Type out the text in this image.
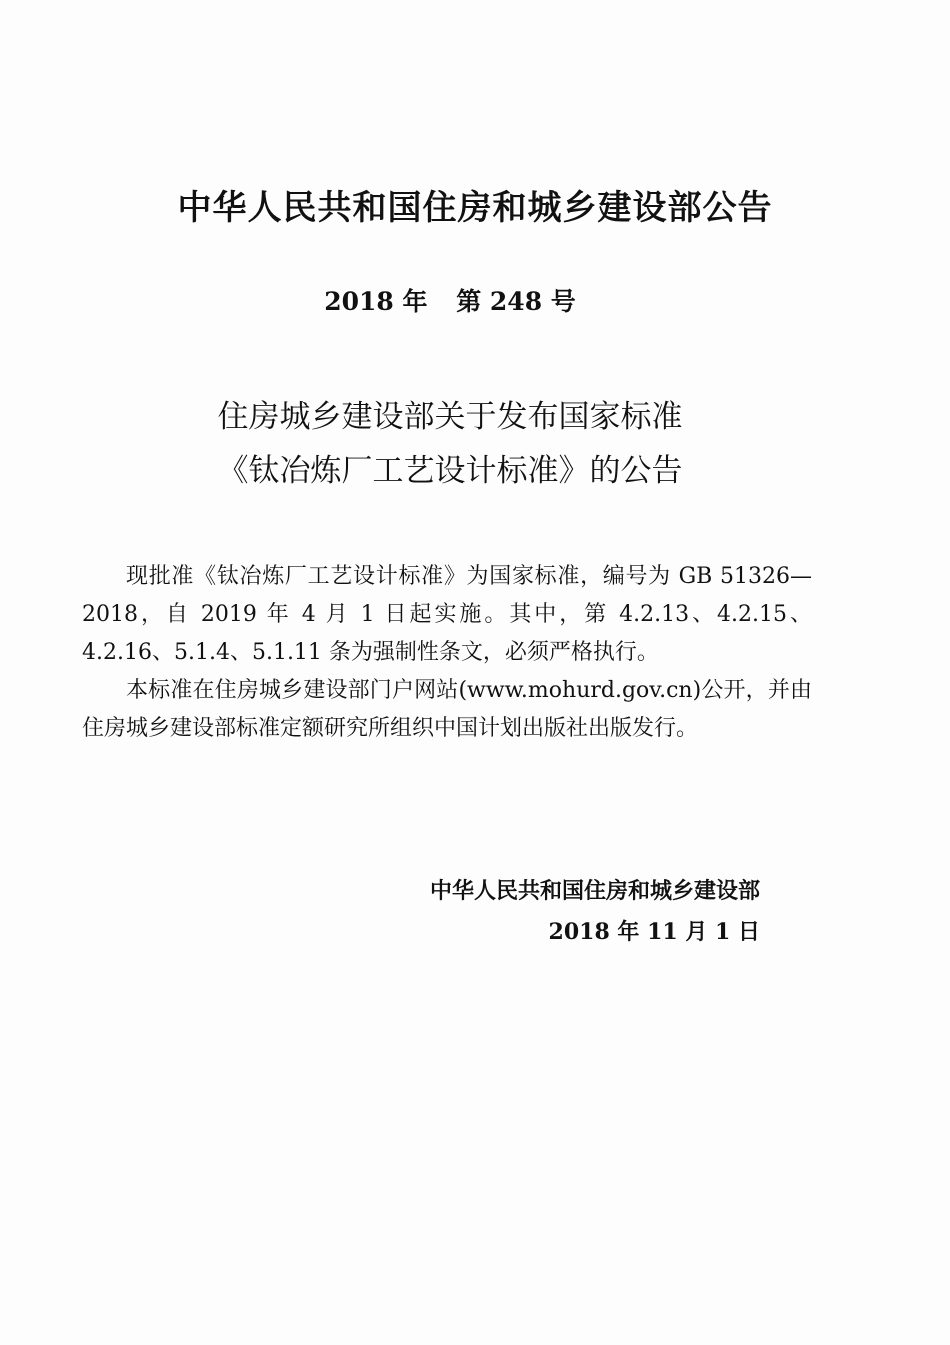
中华人民共和国住房和城乡建设部公告
2018 年 第 248 号
住房城乡建设部关于发布国家标准
《钛冶炼厂工艺设计标准》的公告

现批准《钛冶炼厂工艺设计标准》为国家标准，编号为 GB 51326—2018，自 2019 年 4 月 1 日起实施。其中，第 4.2.13、4.2.15、4.2.16、5.1.4、5.1.11 条为强制性条文，必须严格执行。

本标准在住房城乡建设部门户网站(www.mohurd.gov.cn)公开，并由住房城乡建设部标准定额研究所组织中国计划出版社出版发行。

中华人民共和国住房和城乡建设部
2018 年 11 月 1 日
